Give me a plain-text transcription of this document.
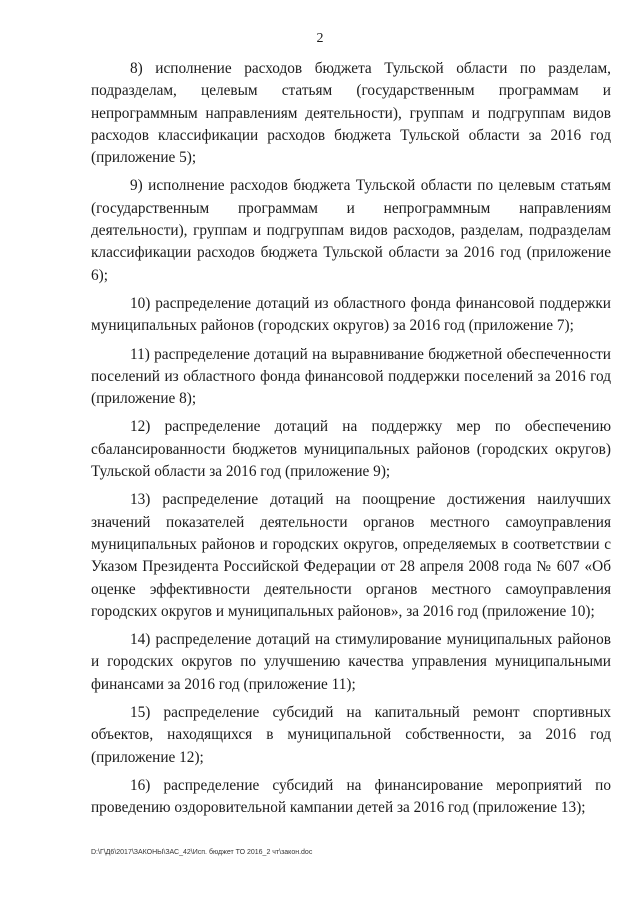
2

8) исполнение расходов бюджета Тульской области по разделам, подразделам, целевым статьям (государственным программам и непрограммным направлениям деятельности), группам и подгруппам видов расходов классификации расходов бюджета Тульской области за 2016 год (приложение 5);

9) исполнение расходов бюджета Тульской области по целевым статьям (государственным программам и непрограммным направлениям деятельности), группам и подгруппам видов расходов, разделам, подразделам классификации расходов бюджета Тульской области за 2016 год (приложение 6);

10) распределение дотаций из областного фонда финансовой поддержки муниципальных районов (городских округов) за 2016 год (приложение 7);

11) распределение дотаций на выравнивание бюджетной обеспеченности поселений из областного фонда финансовой поддержки поселений за 2016 год (приложение 8);

12) распределение дотаций на поддержку мер по обеспечению сбалансированности бюджетов муниципальных районов (городских округов) Тульской области за 2016 год (приложение 9);

13) распределение дотаций на поощрение достижения наилучших значений показателей деятельности органов местного самоуправления муниципальных районов и городских округов, определяемых в соответствии с Указом Президента Российской Федерации от 28 апреля 2008 года № 607 «Об оценке эффективности деятельности органов местного самоуправления городских округов и муниципальных районов», за 2016 год (приложение 10);

14) распределение дотаций на стимулирование муниципальных районов и городских округов по улучшению качества управления муниципальными финансами за 2016 год (приложение 11);

15) распределение субсидий на капитальный ремонт спортивных объектов, находящихся в муниципальной собственности, за 2016 год (приложение 12);

16) распределение субсидий на финансирование мероприятий по проведению оздоровительной кампании детей за 2016 год (приложение 13);

D:\Г\Д6\2017\ЗАКОНЫ\ЗАС_42\Исп. бюджет ТО 2016_2 чт\закон.doc
